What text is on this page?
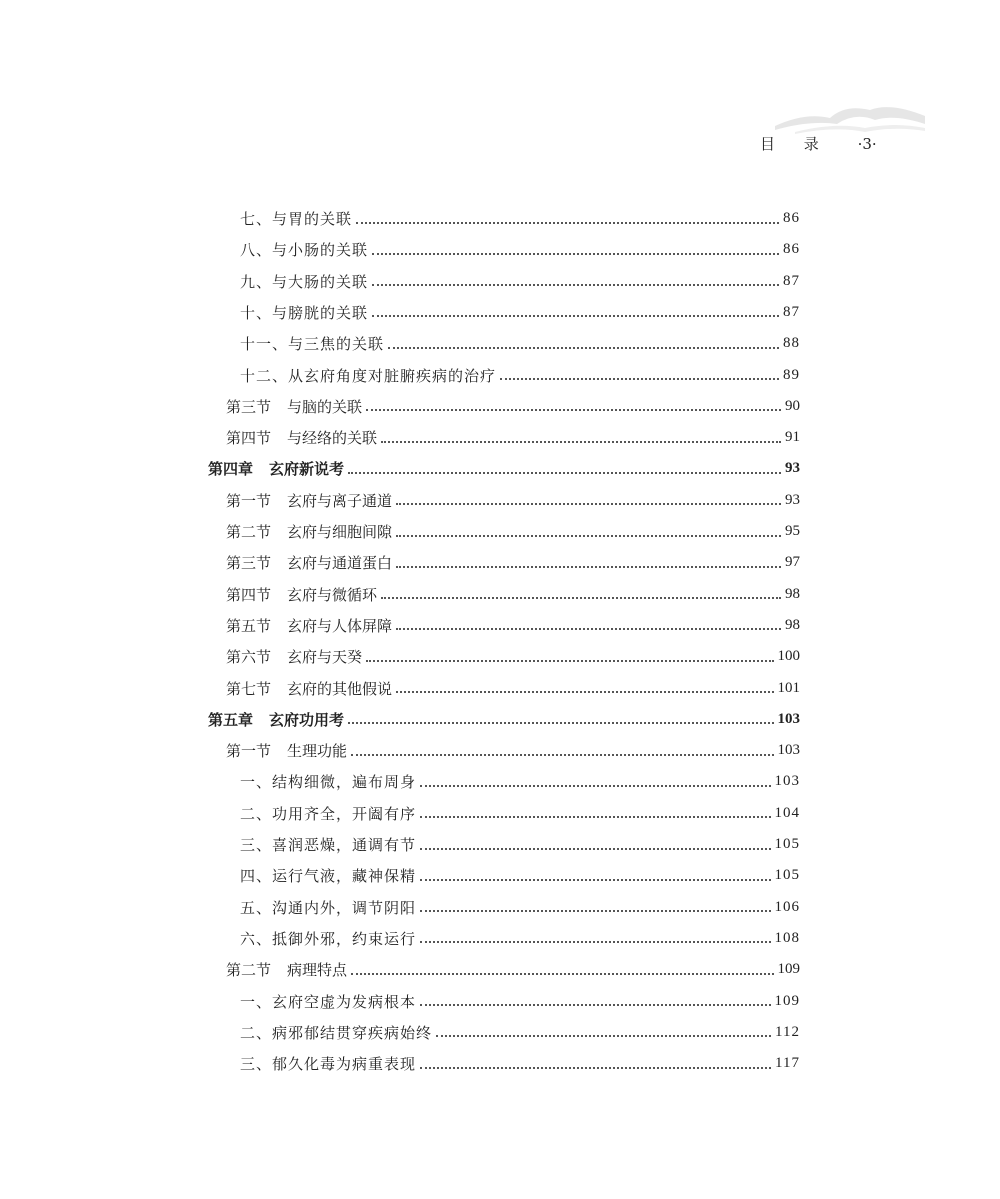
目 录 ·3·
七、与胃的关联	86
八、与小肠的关联	86
九、与大肠的关联	87
十、与膀胱的关联	87
十一、与三焦的关联	88
十二、从玄府角度对脏腑疾病的治疗	89
第三节 与脑的关联	90
第四节 与经络的关联	91
第四章 玄府新说考	93
第一节 玄府与离子通道	93
第二节 玄府与细胞间隙	95
第三节 玄府与通道蛋白	97
第四节 玄府与微循环	98
第五节 玄府与人体屏障	98
第六节 玄府与天癸	100
第七节 玄府的其他假说	101
第五章 玄府功用考	103
第一节 生理功能	103
一、结构细微，遍布周身	103
二、功用齐全，开阖有序	104
三、喜润恶燥，通调有节	105
四、运行气液，藏神保精	105
五、沟通内外，调节阴阳	106
六、抵御外邪，约束运行	108
第二节 病理特点	109
一、玄府空虚为发病根本	109
二、病邪郁结贯穿疾病始终	112
三、郁久化毒为病重表现	117
